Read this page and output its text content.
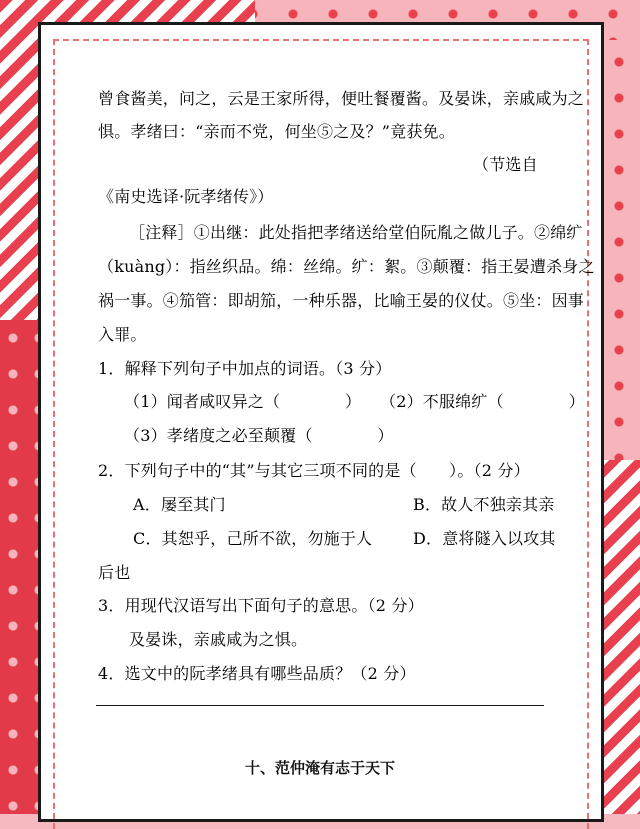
曾食酱美，问之，云是王家所得，便吐餐覆酱。及晏诛，亲戚咸为之
惧。孝绪曰：“亲而不党，何坐⑤之及？”竟获免。
（节选自
《南史选译·阮孝绪传》）
［注释］①出继：此处指把孝绪送给堂伯阮胤之做儿子。②绵纩
（kuàng）：指丝织品。绵：丝绵。纩：絮。③颠覆：指王晏遭杀身之
祸一事。④笳管：即胡笳，一种乐器，比喻王晏的仪仗。⑤坐：因事
入罪。
1．解释下列句子中加点的词语。（3 分）
（1）闻者咸叹异之（　　　　） （2）不服绵纩（　　　　）
（3）孝绪度之必至颠覆（　　　　）
2．下列句子中的“其”与其它三项不同的是（　　）。（2 分）
A．屡至其门	B．故人不独亲其亲
C．其恕乎，己所不欲，勿施于人	D．意将隧入以攻其
后也
3．用现代汉语写出下面句子的意思。（2 分）
及晏诛，亲戚咸为之惧。
4．选文中的阮孝绪具有哪些品质？（2 分）
十、范仲淹有志于天下
